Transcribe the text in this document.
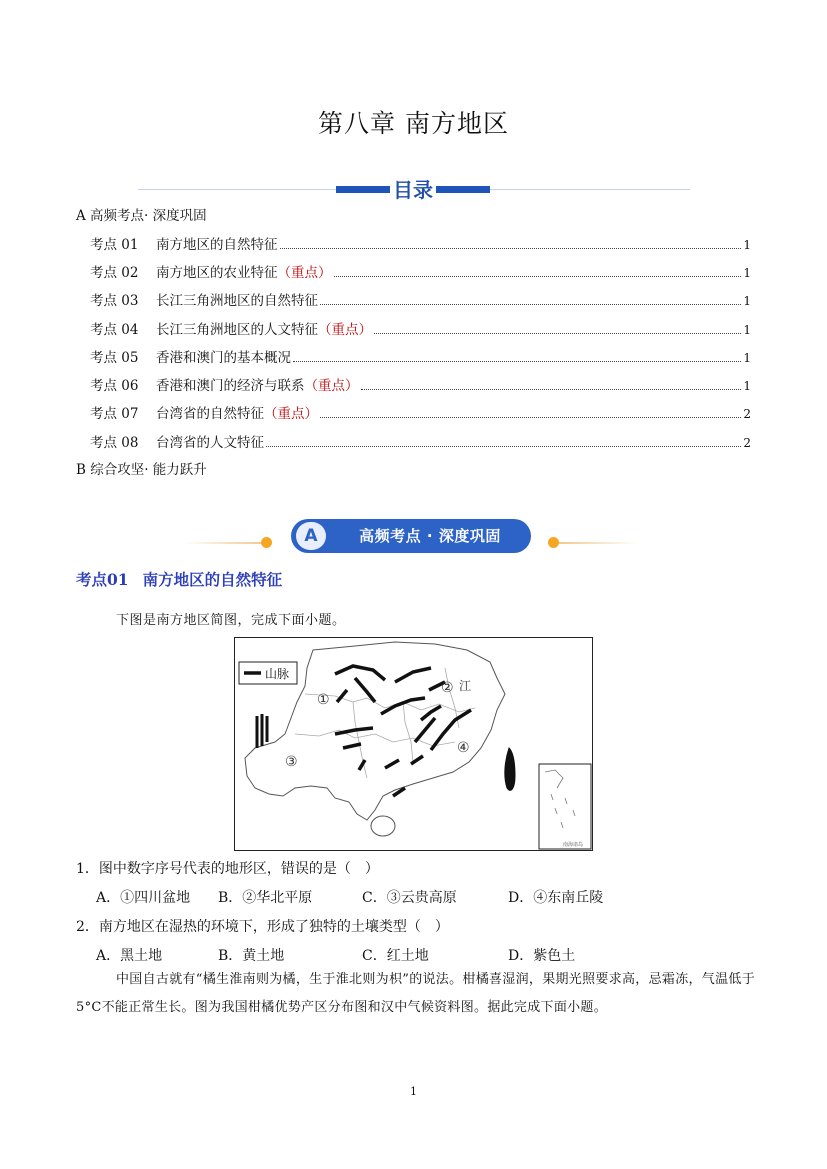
第八章 南方地区
目录
A 高频考点· 深度巩固
考点 01	南方地区的自然特征	1
考点 02	南方地区的农业特征 （重点）	1
考点 03	长江三角洲地区的自然特征	1
考点 04	长江三角洲地区的人文特征 （重点）	1
考点 05	香港和澳门的基本概况	1
考点 06	香港和澳门的经济与联系 （重点）	1
考点 07	台湾省的自然特征 （重点）	2
考点 08	台湾省的人文特征	2
B 综合攻坚· 能力跃升
A	高频考点 · 深度巩固
考点01 南方地区的自然特征
下图是南方地区简图，完成下面小题。
①
②
③
④
江
山脉
南海诸岛
1．图中数字序号代表的地形区，错误的是（　）
A．①四川盆地 B．②华北平原	C．③云贵高原	D．④东南丘陵
2．南方地区在湿热的环境下，形成了独特的土壤类型（　）
A．黑土地	B．黄土地	C．红土地	D．紫色土
中国自古就有“橘生淮南则为橘，生于淮北则为枳”的说法。柑橘喜湿润，果期光照要求高，忌霜冻，气温低于 5°C不能正常生长。图为我国柑橘优势产区分布图和汉中气候资料图。据此完成下面小题。
1
